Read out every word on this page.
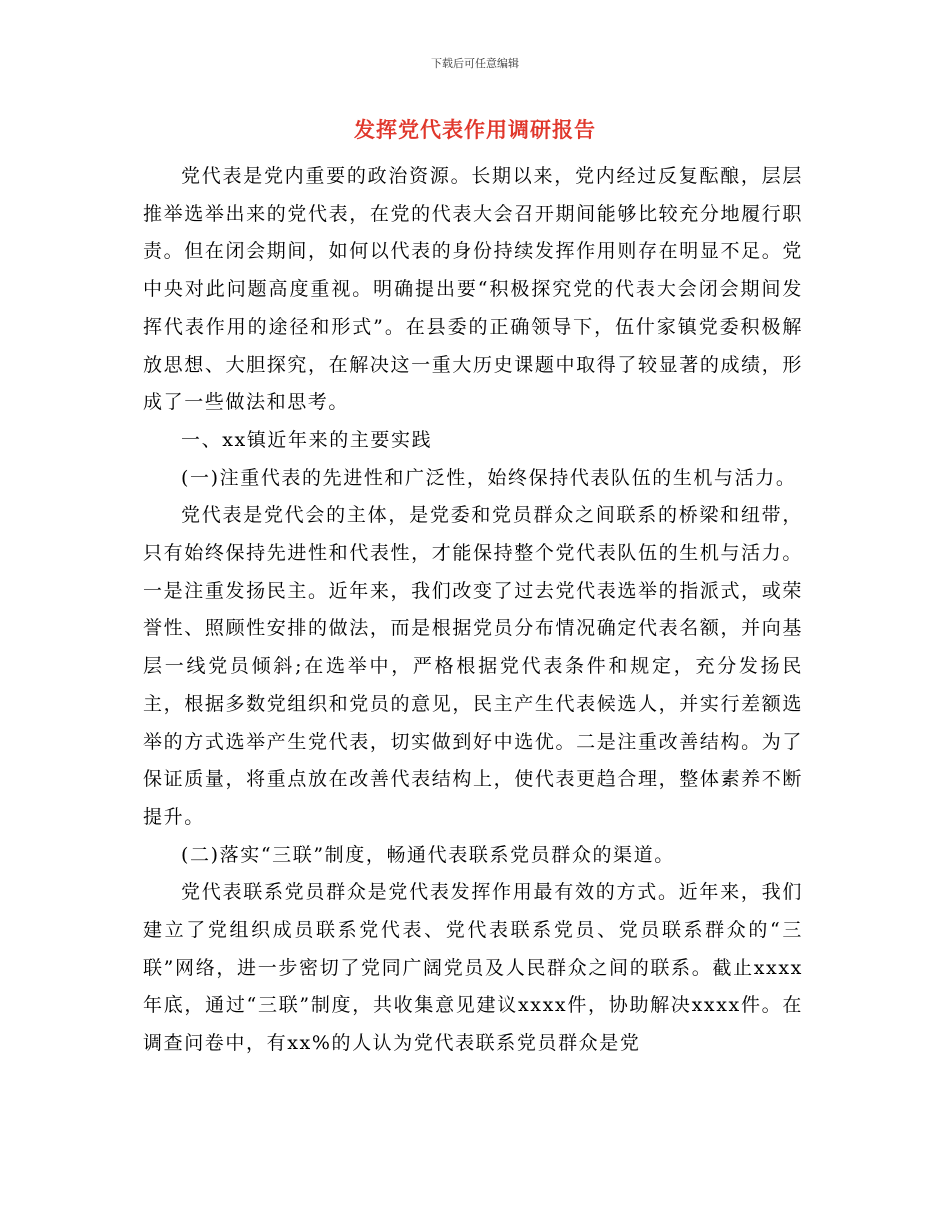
下载后可任意编辑
发挥党代表作用调研报告

党代表是党内重要的政治资源。长期以来，党内经过反复酝酿，层层推举选举出来的党代表，在党的代表大会召开期间能够比较充分地履行职责。但在闭会期间，如何以代表的身份持续发挥作用则存在明显不足。党中央对此问题高度重视。明确提出要“积极探究党的代表大会闭会期间发挥代表作用的途径和形式”。在县委的正确领导下，伍什家镇党委积极解放思想、大胆探究，在解决这一重大历史课题中取得了较显著的成绩，形成了一些做法和思考。

一、xx镇近年来的主要实践

(一)注重代表的先进性和广泛性，始终保持代表队伍的生机与活力。

党代表是党代会的主体，是党委和党员群众之间联系的桥梁和纽带，只有始终保持先进性和代表性，才能保持整个党代表队伍的生机与活力。一是注重发扬民主。近年来，我们改变了过去党代表选举的指派式，或荣誉性、照顾性安排的做法，而是根据党员分布情况确定代表名额，并向基层一线党员倾斜;在选举中，严格根据党代表条件和规定，充分发扬民主，根据多数党组织和党员的意见，民主产生代表候选人，并实行差额选举的方式选举产生党代表，切实做到好中选优。二是注重改善结构。为了保证质量，将重点放在改善代表结构上，使代表更趋合理，整体素养不断提升。

(二)落实“三联”制度，畅通代表联系党员群众的渠道。

党代表联系党员群众是党代表发挥作用最有效的方式。近年来，我们建立了党组织成员联系党代表、党代表联系党员、党员联系群众的“三联”网络，进一步密切了党同广阔党员及人民群众之间的联系。截止xxxx年底，通过“三联”制度，共收集意见建议xxxx件，协助解决xxxx件。在调查问卷中，有xx%的人认为党代表联系党员群众是党
